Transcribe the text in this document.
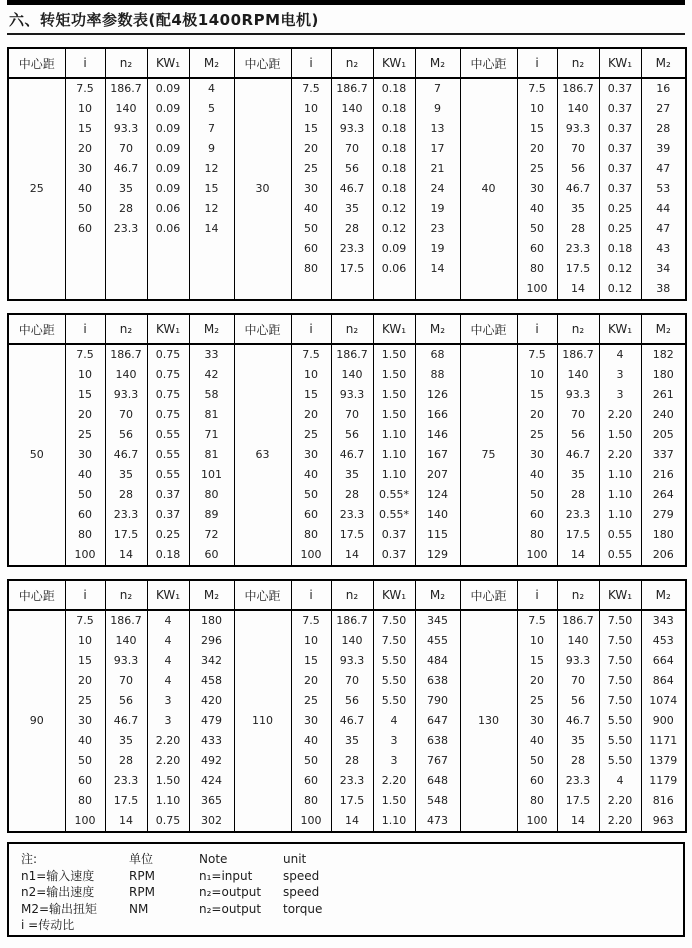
六、转矩功率参数表(配4极1400RPM电机)
中心距	i	n₂	KW₁	M₂	中心距	i	n₂	KW₁	M₂	中心距	i	n₂	KW₁	M₂
25	7.5	186.7	0.09	4	30	7.5	186.7	0.18	7	40	7.5	186.7	0.37	16
	10	140	0.09	5		10	140	0.18	9		10	140	0.37	27
	15	93.3	0.09	7		15	93.3	0.18	13		15	93.3	0.37	28
	20	70	0.09	9		20	70	0.18	17		20	70	0.37	39
	30	46.7	0.09	12		25	56	0.18	21		25	56	0.37	47
	40	35	0.09	15		30	46.7	0.18	24		30	46.7	0.37	53
	50	28	0.06	12		40	35	0.12	19		40	35	0.25	44
	60	23.3	0.06	14		50	28	0.12	23		50	28	0.25	47
						60	23.3	0.09	19		60	23.3	0.18	43
						80	17.5	0.06	14		80	17.5	0.12	34
											100	14	0.12	38
中心距	i	n₂	KW₁	M₂	中心距	i	n₂	KW₁	M₂	中心距	i	n₂	KW₁	M₂
50	7.5	186.7	0.75	33	63	7.5	186.7	1.50	68	75	7.5	186.7	4	182
	10	140	0.75	42		10	140	1.50	88		10	140	3	180
	15	93.3	0.75	58		15	93.3	1.50	126		15	93.3	3	261
	20	70	0.75	81		20	70	1.50	166		20	70	2.20	240
	25	56	0.55	71		25	56	1.10	146		25	56	1.50	205
	30	46.7	0.55	81		30	46.7	1.10	167		30	46.7	2.20	337
	40	35	0.55	101		40	35	1.10	207		40	35	1.10	216
	50	28	0.37	80		50	28	0.55*	124		50	28	1.10	264
	60	23.3	0.37	89		60	23.3	0.55*	140		60	23.3	1.10	279
	80	17.5	0.25	72		80	17.5	0.37	115		80	17.5	0.55	180
	100	14	0.18	60		100	14	0.37	129		100	14	0.55	206
中心距	i	n₂	KW₁	M₂	中心距	i	n₂	KW₁	M₂	中心距	i	n₂	KW₁	M₂
90	7.5	186.7	4	180	110	7.5	186.7	7.50	345	130	7.5	186.7	7.50	343
	10	140	4	296		10	140	7.50	455		10	140	7.50	453
	15	93.3	4	342		15	93.3	5.50	484		15	93.3	7.50	664
	20	70	4	458		20	70	5.50	638		20	70	7.50	864
	25	56	3	420		25	56	5.50	790		25	56	7.50	1074
	30	46.7	3	479		30	46.7	4	647		30	46.7	5.50	900
	40	35	2.20	433		40	35	3	638		40	35	5.50	1171
	50	28	2.20	492		50	28	3	767		50	28	5.50	1379
	60	23.3	1.50	424		60	23.3	2.20	648		60	23.3	4	1179
	80	17.5	1.10	365		80	17.5	1.50	548		80	17.5	2.20	816
	100	14	0.75	302		100	14	1.10	473		100	14	2.20	963
注:	单位	Note	unit
n1=输入速度	RPM	n₁=input	speed
n2=输出速度	RPM	n₂=output	speed
M2=输出扭矩	NM	n₂=output	torque
i =传动比
